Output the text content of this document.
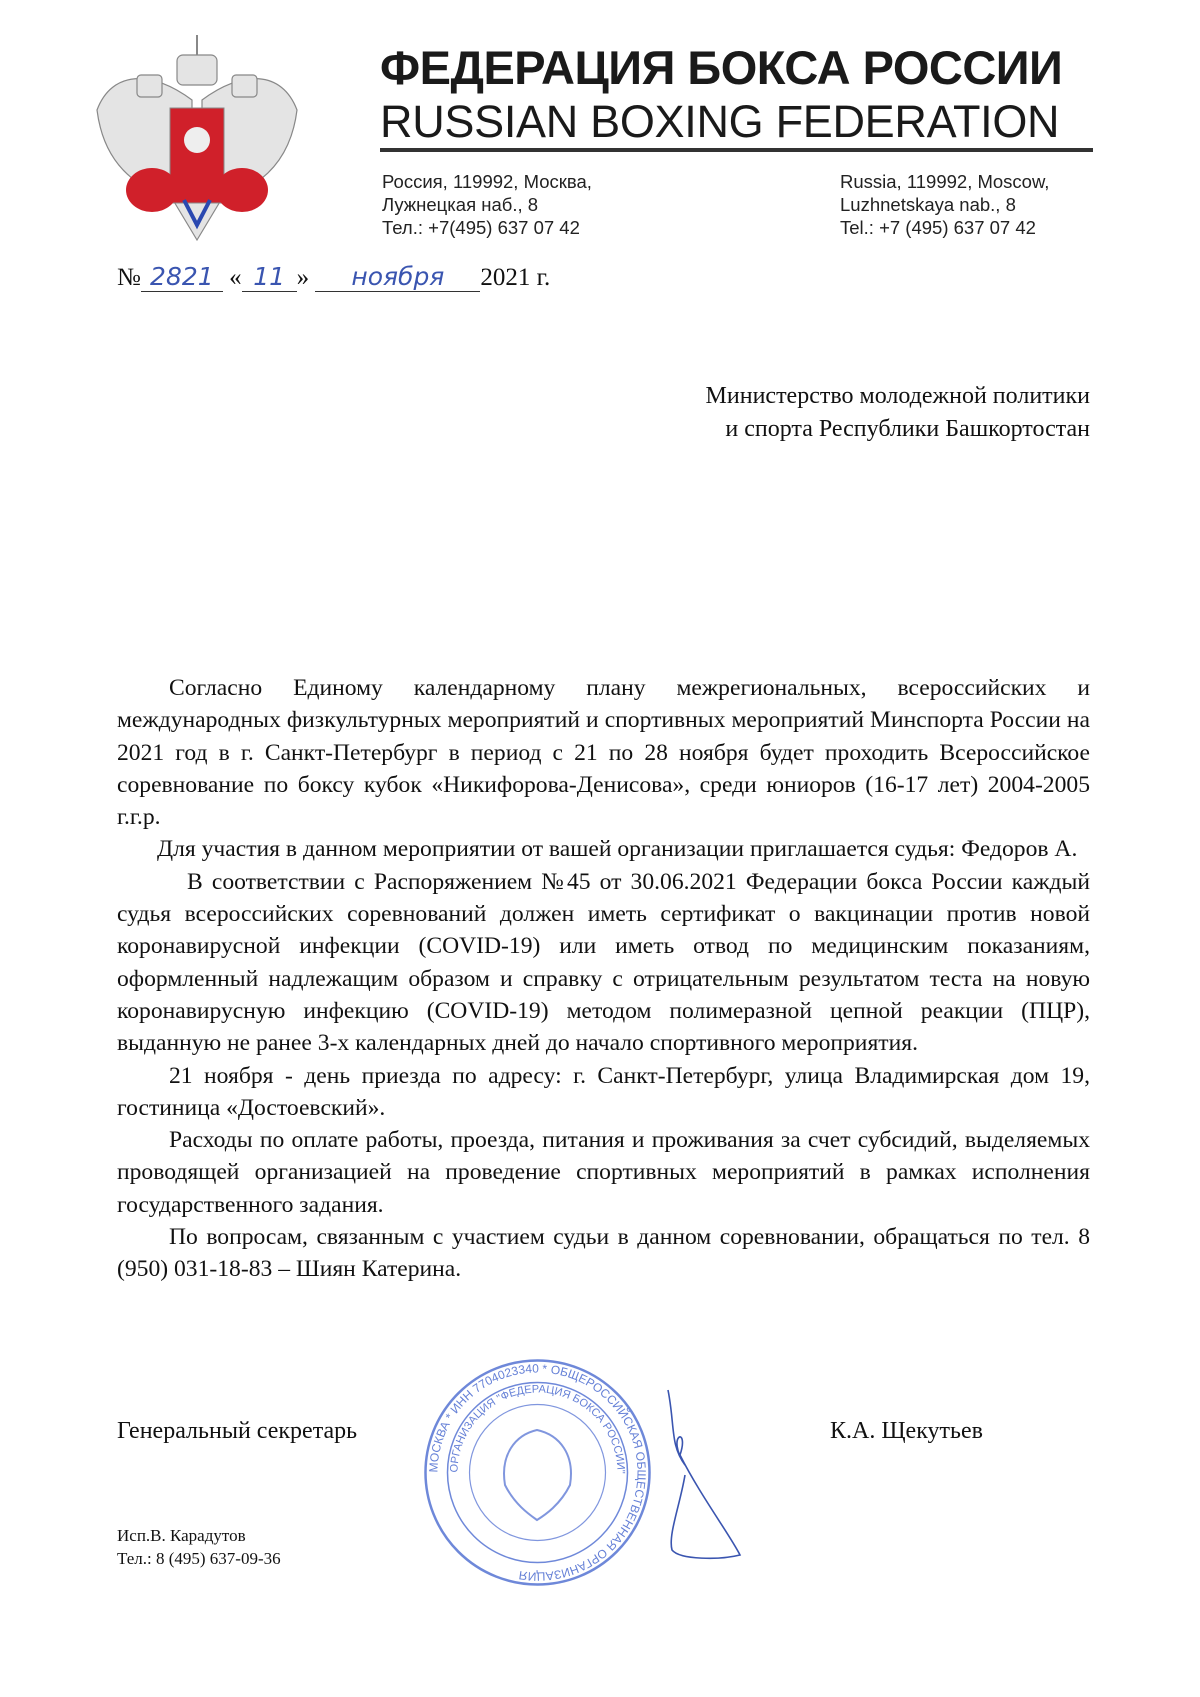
ФЕДЕРАЦИЯ БОКСА РОССИИ
RUSSIAN BOXING FEDERATION
Россия, 119992, Москва,
Лужнецкая наб., 8
Тел.: +7(495) 637 07 42
Russia, 119992, Moscow,
Luzhnetskaya nab., 8
Tel.: +7 (495) 637 07 42
№ 2821 « 11 » ноября 2021 г.
Министерство молодежной политики
и спорта Республики Башкортостан

Согласно Единому календарному плану межрегиональных, всероссийских и международных физкультурных мероприятий и спортивных мероприятий Минспорта России на 2021 год в г. Санкт-Петербург в период с 21 по 28 ноября будет проходить Всероссийское соревнование по боксу кубок «Никифорова-Денисова», среди юниоров (16-17 лет) 2004-2005 г.г.р.

Для участия в данном мероприятии от вашей организации приглашается судья: Федоров А.

В соответствии с Распоряжением №45 от 30.06.2021 Федерации бокса России каждый судья всероссийских соревнований должен иметь сертификат о вакцинации против новой коронавирусной инфекции (COVID-19) или иметь отвод по медицинским показаниям, оформленный надлежащим образом и справку с отрицательным результатом теста на новую коронавирусную инфекцию (COVID-19) методом полимеразной цепной реакции (ПЦР), выданную не ранее 3-х календарных дней до начало спортивного мероприятия.

21 ноября - день приезда по адресу: г. Санкт-Петербург, улица Владимирская дом 19, гостиница «Достоевский».

Расходы по оплате работы, проезда, питания и проживания за счет субсидий, выделяемых проводящей организацией на проведение спортивных мероприятий в рамках исполнения государственного задания.

По вопросам, связанным с участием судьи в данном соревновании, обращаться по тел. 8 (950) 031-18-83 – Шиян Катерина.

Генеральный секретарь	К.А. Щекутьев
МОСКВА * ИНН 7704023340 * ОБЩЕРОССИЙСКАЯ ОБЩЕСТВЕННАЯ ОРГАНИЗАЦИЯ
ОРГАНИЗАЦИЯ "ФЕДЕРАЦИЯ БОКСА РОССИИ"
Исп.В. Карадутов
Тел.: 8 (495) 637-09-36
